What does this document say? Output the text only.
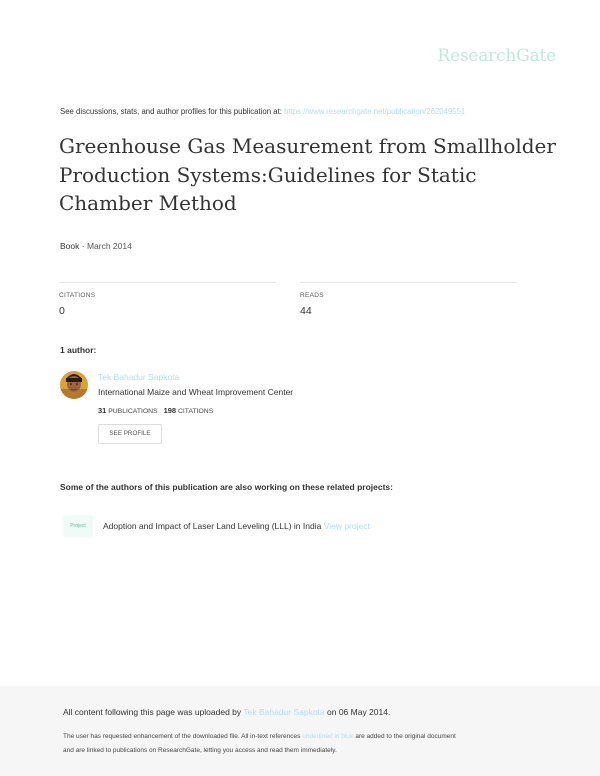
ResearchGate
See discussions, stats, and author profiles for this publication at: https://www.researchgate.net/publication/262049551
Greenhouse Gas Measurement from Smallholder Production Systems:Guidelines for Static Chamber Method
Book · March 2014
CITATIONS
0
READS
44
1 author:
Tek Bahadur Sapkota
International Maize and Wheat Improvement Center
31 PUBLICATIONS 198 CITATIONS
SEE PROFILE
Some of the authors of this publication are also working on these related projects:
Project	Adoption and Impact of Laser Land Leveling (LLL) in India View project
All content following this page was uploaded by Tek Bahadur Sapkota on 06 May 2014.
The user has requested enhancement of the downloaded file. All in-text references underlined in blue are added to the original document
and are linked to publications on ResearchGate, letting you access and read them immediately.
